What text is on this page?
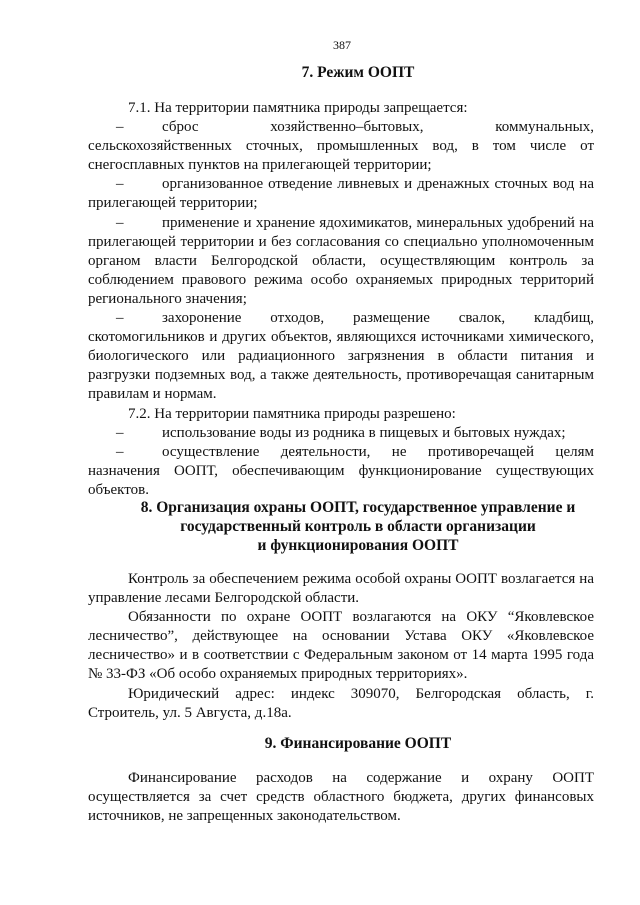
387
7. Режим ООПТ

7.1. На территории памятника природы запрещается:

–	сброс хозяйственно–бытовых, коммунальных, сельскохозяйственных сточных, промышленных вод, в том числе от снегосплавных пунктов на прилегающей территории;

–	организованное отведение ливневых и дренажных сточных вод на прилегающей территории;

–	применение и хранение ядохимикатов, минеральных удобрений на прилегающей территории и без согласования со специально уполномоченным органом власти Белгородской области, осуществляющим контроль за соблюдением правового режима особо охраняемых природных территорий регионального значения;

–	захоронение отходов, размещение свалок, кладбищ, скотомогильников и других объектов, являющихся источниками химического, биологического или радиационного загрязнения в области питания и разгрузки подземных вод, а также деятельность, противоречащая санитарным правилам и нормам.

7.2. На территории памятника природы разрешено:

–	использование воды из родника в пищевых и бытовых нуждах;

–	осуществление деятельности, не противоречащей целям назначения ООПТ, обеспечивающим функционирование существующих объектов.

8. Организация охраны ООПТ, государственное управление и
государственный контроль в области организации
и функционирования ООПТ

Контроль за обеспечением режима особой охраны ООПТ возлагается на управление лесами Белгородской области.

Обязанности по охране ООПТ возлагаются на ОКУ “Яковлевское лесничество”, действующее на основании Устава ОКУ «Яковлевское лесничество» и в соответствии с Федеральным законом от 14 марта 1995 года № 33-ФЗ «Об особо охраняемых природных территориях».

Юридический адрес: индекс 309070, Белгородская область, г. Строитель, ул. 5 Августа, д.18а.

9. Финансирование ООПТ

Финансирование расходов на содержание и охрану ООПТ осуществляется за счет средств областного бюджета, других финансовых источников, не запрещенных законодательством.
